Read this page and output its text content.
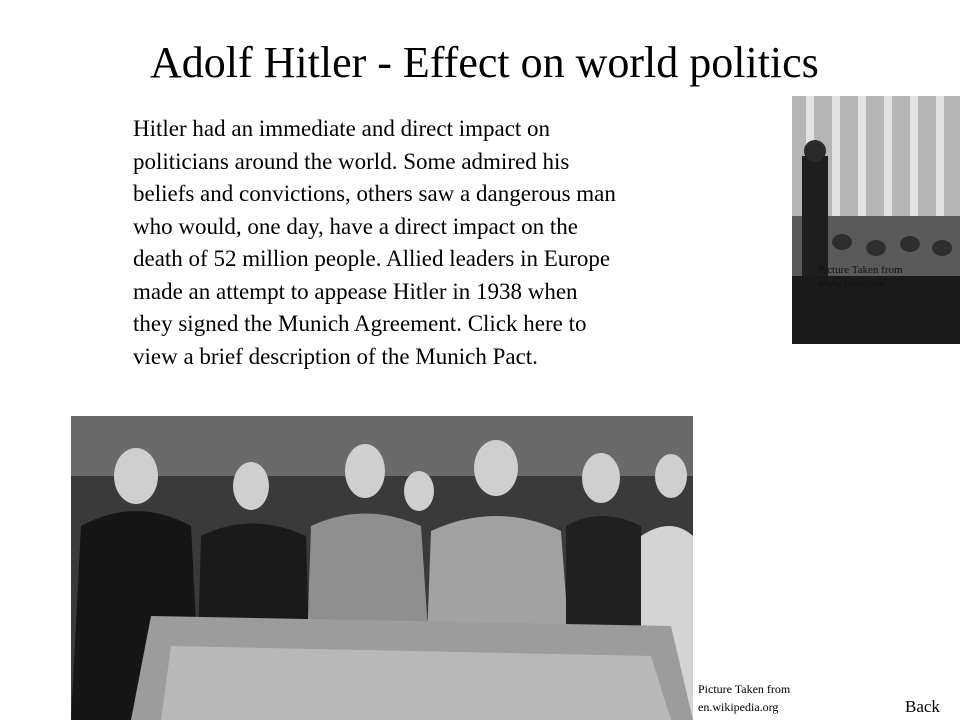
Adolf Hitler - Effect on world politics
Hitler had an immediate and direct impact on
politicians around the world. Some admired his
beliefs and convictions, others saw a dangerous man
who would, one day, have a direct impact on the
death of 52 million people. Allied leaders in Europe
made an attempt to appease Hitler in 1938 when
they signed the Munich Agreement. Click here to
view a brief description of the Munich Pact.
Picture Taken from
www.time.com
Picture Taken from
en.wikipedia.org	Back
